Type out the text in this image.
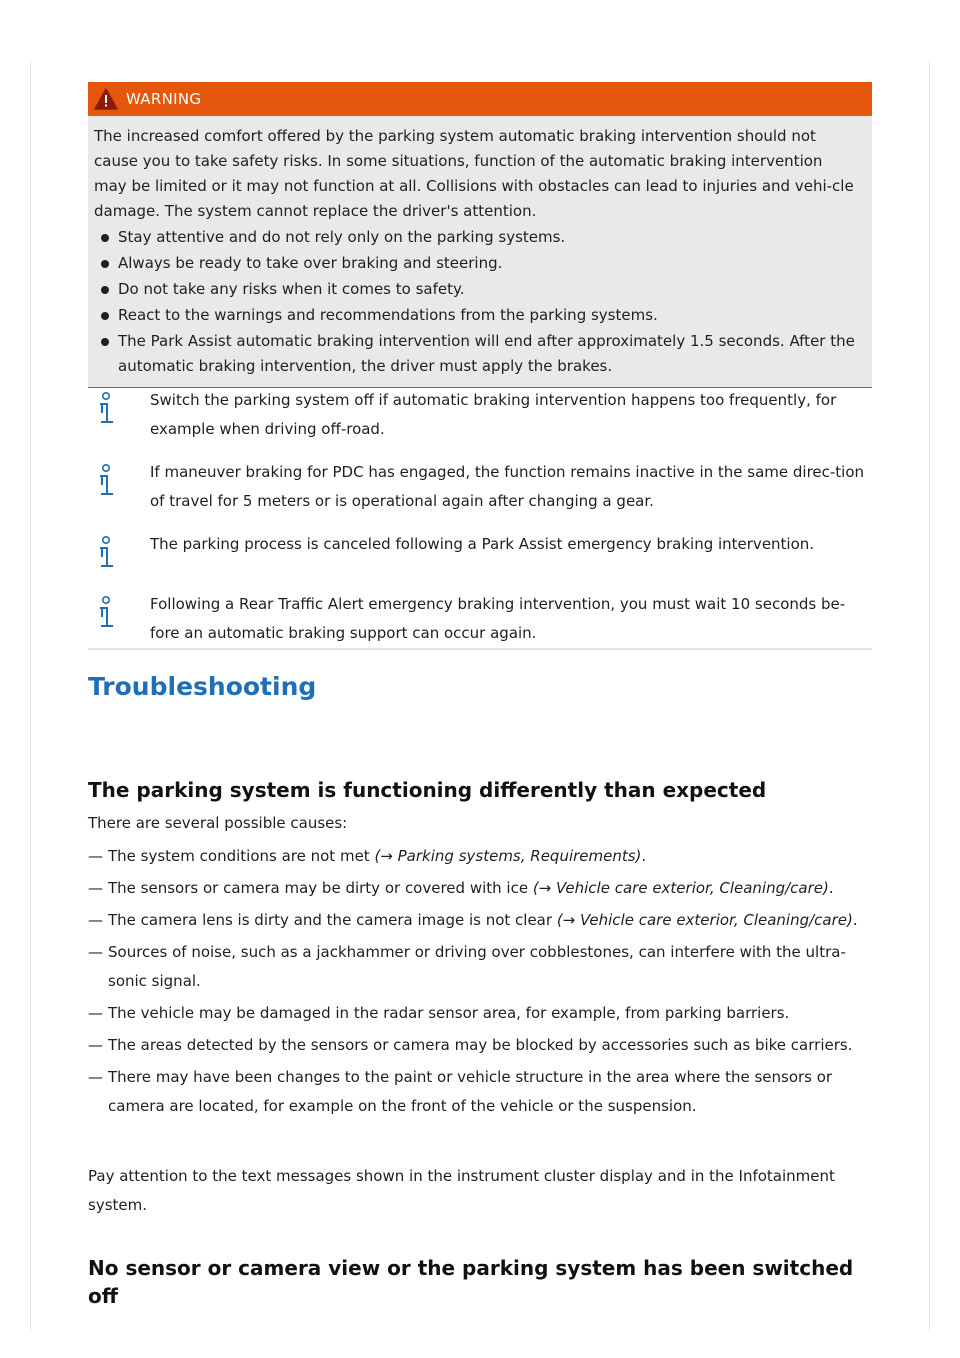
WARNING

The increased comfort offered by the parking system automatic braking intervention should not cause you to take safety risks. In some situations, function of the automatic braking intervention may be limited or it may not function at all. Collisions with obstacles can lead to injuries and vehi-cle damage. The system cannot replace the driver's attention.

Stay attentive and do not rely only on the parking systems.
Always be ready to take over braking and steering.
Do not take any risks when it comes to safety.
React to the warnings and recommendations from the parking systems.
The Park Assist automatic braking intervention will end after approximately 1.5 seconds. After the automatic braking intervention, the driver must apply the brakes.
Switch the parking system off if automatic braking intervention happens too frequently, for example when driving off-road.
If maneuver braking for PDC has engaged, the function remains inactive in the same direc-tion of travel for 5 meters or is operational again after changing a gear.
The parking process is canceled following a Park Assist emergency braking intervention.
Following a Rear Traffic Alert emergency braking intervention, you must wait 10 seconds be-fore an automatic braking support can occur again.
Troubleshooting
The parking system is functioning differently than expected
There are several possible causes:
— The system conditions are not met (→ Parking systems, Requirements).
— The sensors or camera may be dirty or covered with ice (→ Vehicle care exterior, Cleaning/care).
— The camera lens is dirty and the camera image is not clear (→ Vehicle care exterior, Cleaning/care).
— Sources of noise, such as a jackhammer or driving over cobblestones, can interfere with the ultra-sonic signal.
— The vehicle may be damaged in the radar sensor area, for example, from parking barriers.
— The areas detected by the sensors or camera may be blocked by accessories such as bike carriers.
— There may have been changes to the paint or vehicle structure in the area where the sensors or camera are located, for example on the front of the vehicle or the suspension.

Pay attention to the text messages shown in the instrument cluster display and in the Infotainment system.

No sensor or camera view or the parking system has been switched off
